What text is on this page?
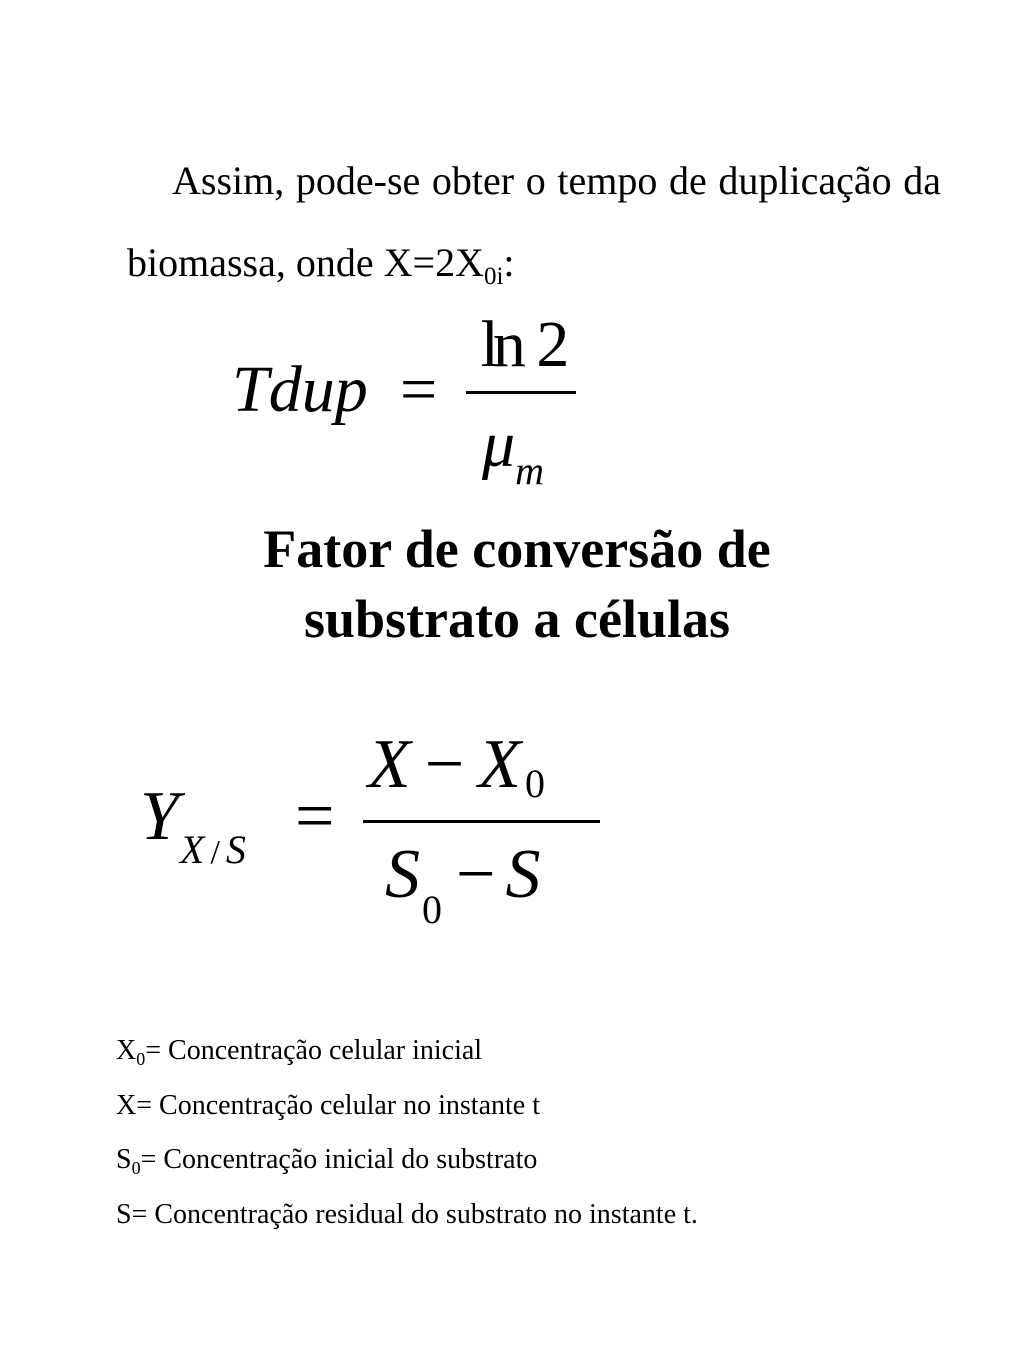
Assim, pode-se obter o tempo de duplicação da biomassa, onde $X=2X_{0i}$:
Tdup =
ln 2
$\mu_m$
Fator de conversão de
substrato a células
Y X / S =
X − X 0
$S_0 - S$
$X_0=$ Concentração celular inicial
X= Concentração celular no instante t
$S_0=$ Concentração inicial do substrato
S= Concentração residual do substrato no instante t.
